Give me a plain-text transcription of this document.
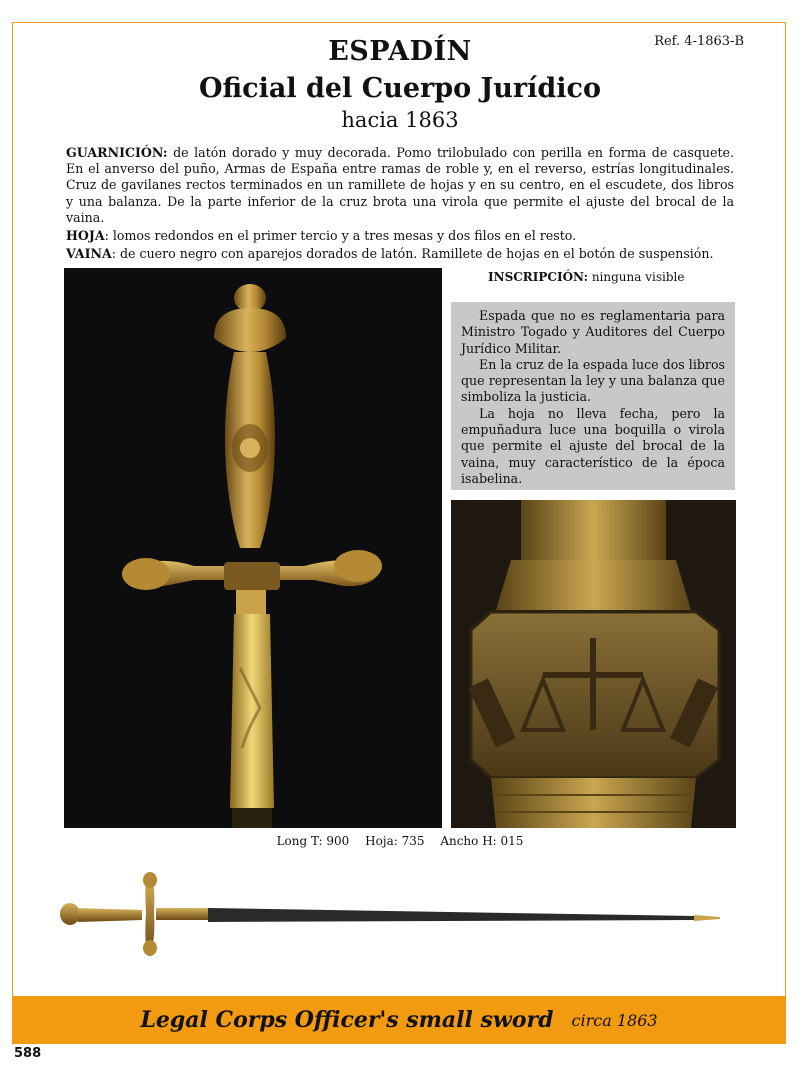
Ref. 4-1863-B
ESPADÍN
Oficial del Cuerpo Jurídico
hacia 1863

GUARNICIÓN: de latón dorado y muy decorada. Pomo trilobulado con perilla en forma de casquete. En el anverso del puño, Armas de España entre ramas de roble y, en el reverso, estrías longitudinales. Cruz de gavilanes rectos terminados en un ramillete de hojas y en su centro, en el escudete, dos libros y una balanza. De la parte inferior de la cruz brota una virola que permite el ajuste del brocal de la vaina.

HOJA: lomos redondos en el primer tercio y a tres mesas y dos filos en el resto.

VAINA: de cuero negro con aparejos dorados de latón. Ramillete de hojas en el botón de suspensión.

INSCRIPCIÓN: ninguna visible

Espada que no es reglamentaria para Ministro Togado y Auditores del Cuerpo Jurídico Militar.

En la cruz de la espada luce dos libros que representan la ley y una balanza que simboliza la justicia.

La hoja no lleva fecha, pero la empuñadura luce una boquilla o virola que permite el ajuste del brocal de la vaina, muy característico de la época isabelina.

Long T: 900 Hoja: 735 Ancho H: 015
Legal Corps Officer's small sword circa 1863
588
